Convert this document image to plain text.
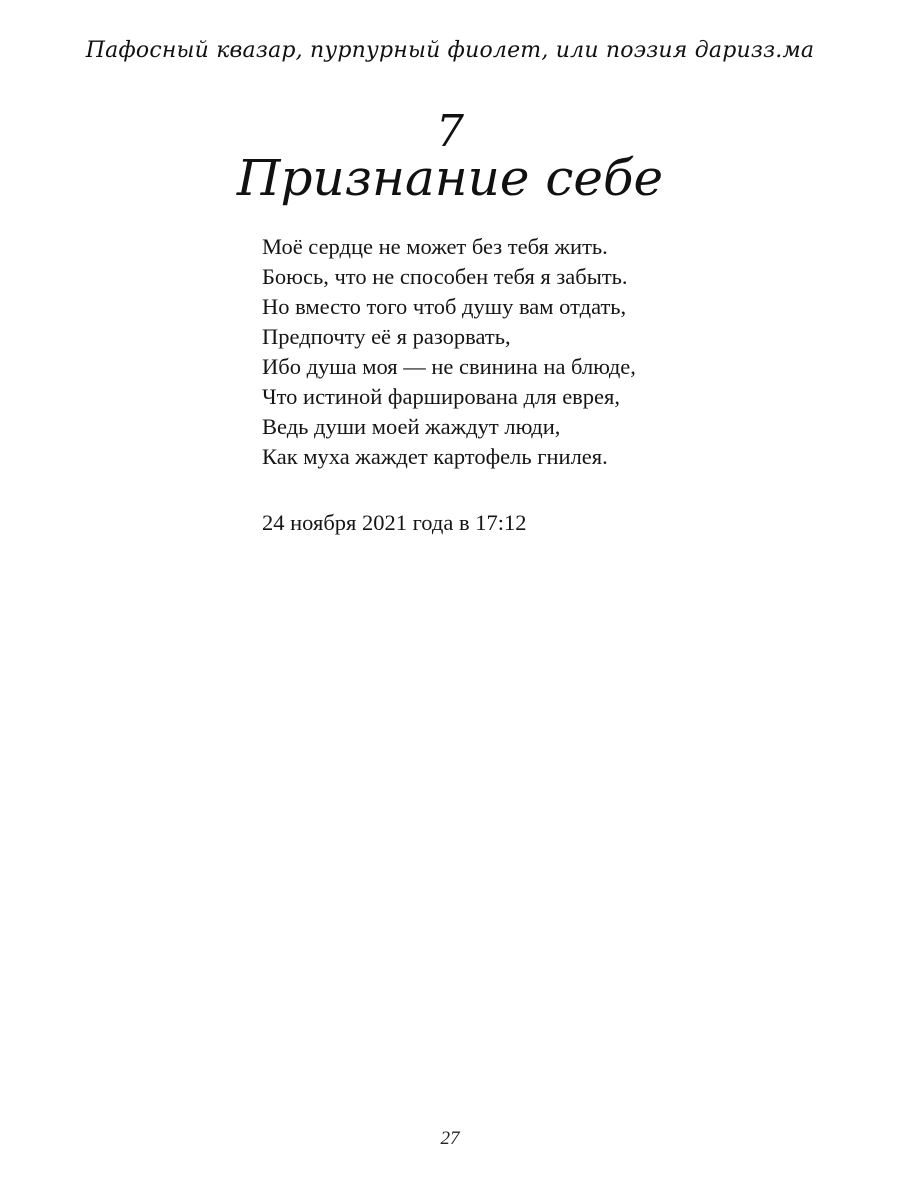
Пафосный квазар, пурпурный фиолет, или поэзия даризз.ма
7
Признание себе
Моё сердце не может без тебя жить.
Боюсь, что не способен тебя я забыть.
Но вместо того чтоб душу вам отдать,
Предпочту её я разорвать,
Ибо душа моя — не свинина на блюде,
Что истиной фарширована для еврея,
Ведь души моей жаждут люди,
Как муха жаждет картофель гнилея.
24 ноября 2021 года в 17:12
27
